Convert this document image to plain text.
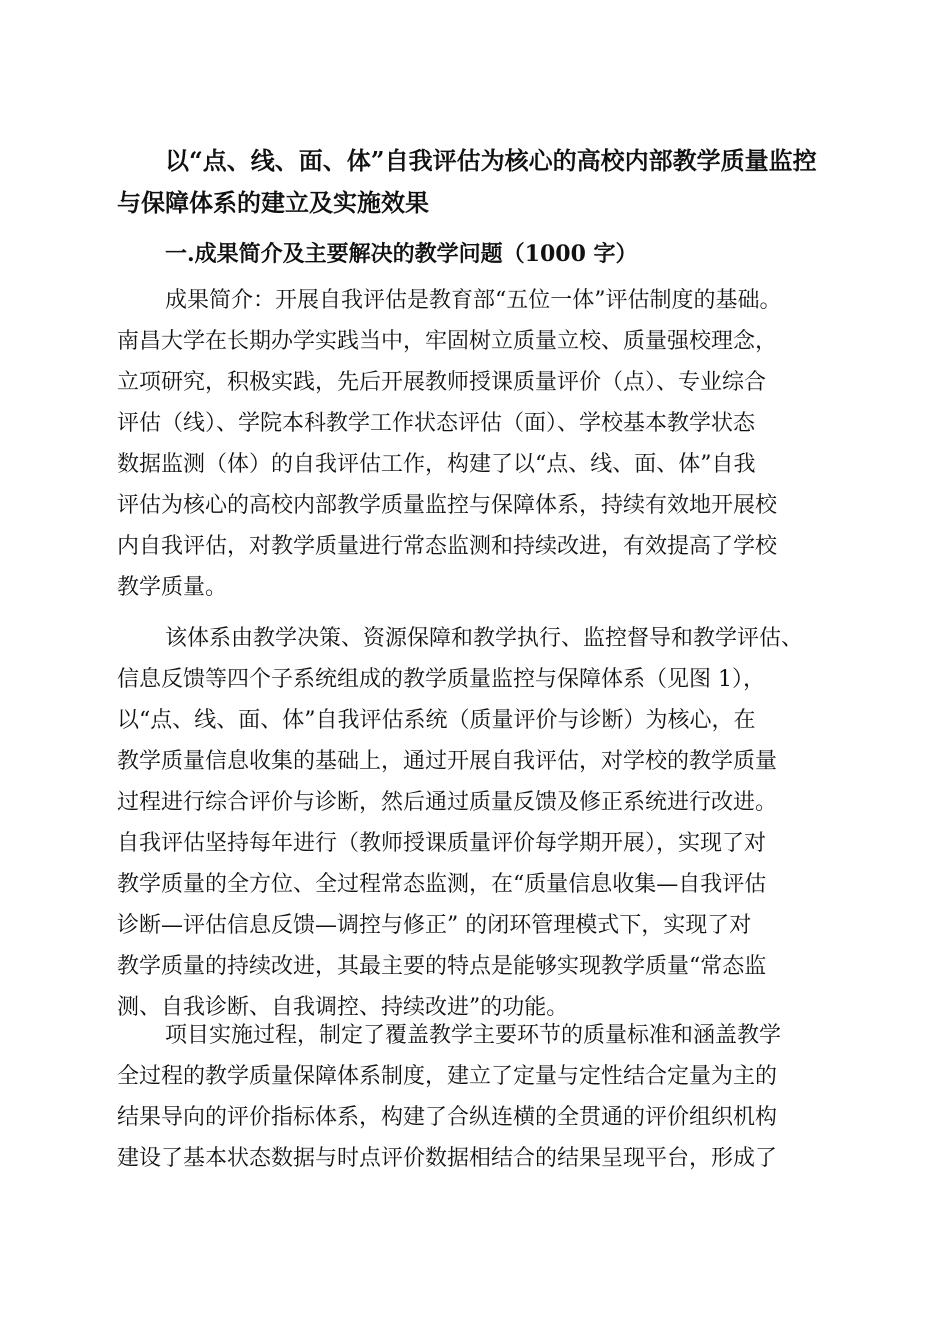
以“点、线、面、体”自我评估为核心的高校内部教学质量监控
与保障体系的建立及实施效果
一.成果简介及主要解决的教学问题（1000 字）
成果简介：开展自我评估是教育部“五位一体”评估制度的基础。
南昌大学在长期办学实践当中，牢固树立质量立校、质量强校理念，
立项研究，积极实践，先后开展教师授课质量评价（点）、专业综合
评估（线）、学院本科教学工作状态评估（面）、学校基本教学状态
数据监测（体）的自我评估工作，构建了以“点、线、面、体”自我
评估为核心的高校内部教学质量监控与保障体系，持续有效地开展校
内自我评估，对教学质量进行常态监测和持续改进，有效提高了学校
教学质量。
该体系由教学决策、资源保障和教学执行、监控督导和教学评估、
信息反馈等四个子系统组成的教学质量监控与保障体系（见图 1），
以“点、线、面、体”自我评估系统（质量评价与诊断）为核心，在
教学质量信息收集的基础上，通过开展自我评估，对学校的教学质量
过程进行综合评价与诊断，然后通过质量反馈及修正系统进行改进。
自我评估坚持每年进行（教师授课质量评价每学期开展），实现了对
教学质量的全方位、全过程常态监测，在“质量信息收集—自我评估
诊断—评估信息反馈—调控与修正” 的闭环管理模式下，实现了对
教学质量的持续改进，其最主要的特点是能够实现教学质量“常态监
测、自我诊断、自我调控、持续改进”的功能。
项目实施过程，制定了覆盖教学主要环节的质量标准和涵盖教学
全过程的教学质量保障体系制度，建立了定量与定性结合定量为主的
结果导向的评价指标体系，构建了合纵连横的全贯通的评价组织机构
建设了基本状态数据与时点评价数据相结合的结果呈现平台，形成了
